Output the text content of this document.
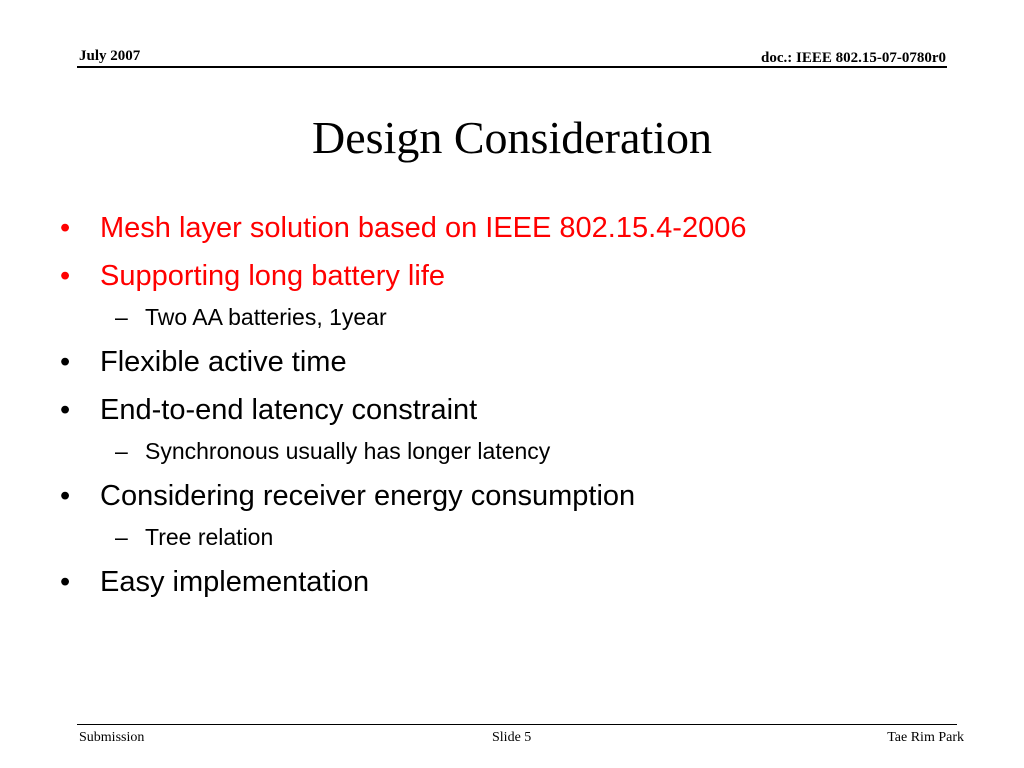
July 2007	doc.: IEEE 802.15-07-0780r0
Design Consideration
• Mesh layer solution based on IEEE 802.15.4-2006
• Supporting long battery life
– Two AA batteries, 1year
• Flexible active time
• End-to-end latency constraint
– Synchronous usually has longer latency
• Considering receiver energy consumption
– Tree relation
• Easy implementation
Submission	Slide 5	Tae Rim Park
